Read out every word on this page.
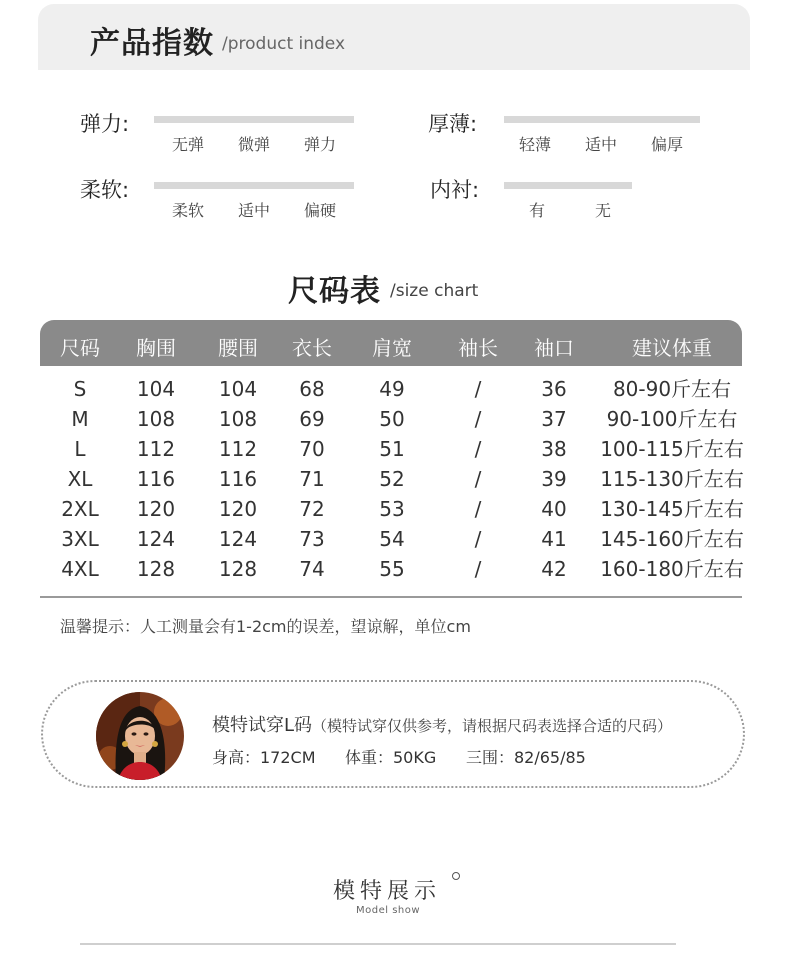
产品指数 /product index
弹力:
无弹	微弹	弹力
厚薄:
轻薄	适中	偏厚
柔软:
柔软	适中	偏硬
内衬:
有	无
尺码表 /size chart
尺码	胸围	腰围	衣长	肩宽	袖长	袖口	建议体重
S	104	104	68	49	/	36	80-90斤左右
M	108	108	69	50	/	37	90-100斤左右
L	112	112	70	51	/	38	100-115斤左右
XL	116	116	71	52	/	39	115-130斤左右
2XL	120	120	72	53	/	40	130-145斤左右
3XL	124	124	73	54	/	41	145-160斤左右
4XL	128	128	74	55	/	42	160-180斤左右
温馨提示：人工测量会有1-2cm的误差，望谅解，单位cm
模特试穿L码（模特试穿仅供参考，请根据尺码表选择合适的尺码）
身高：172CM 体重：50KG 三围：82/65/85
模特展示
Model show
